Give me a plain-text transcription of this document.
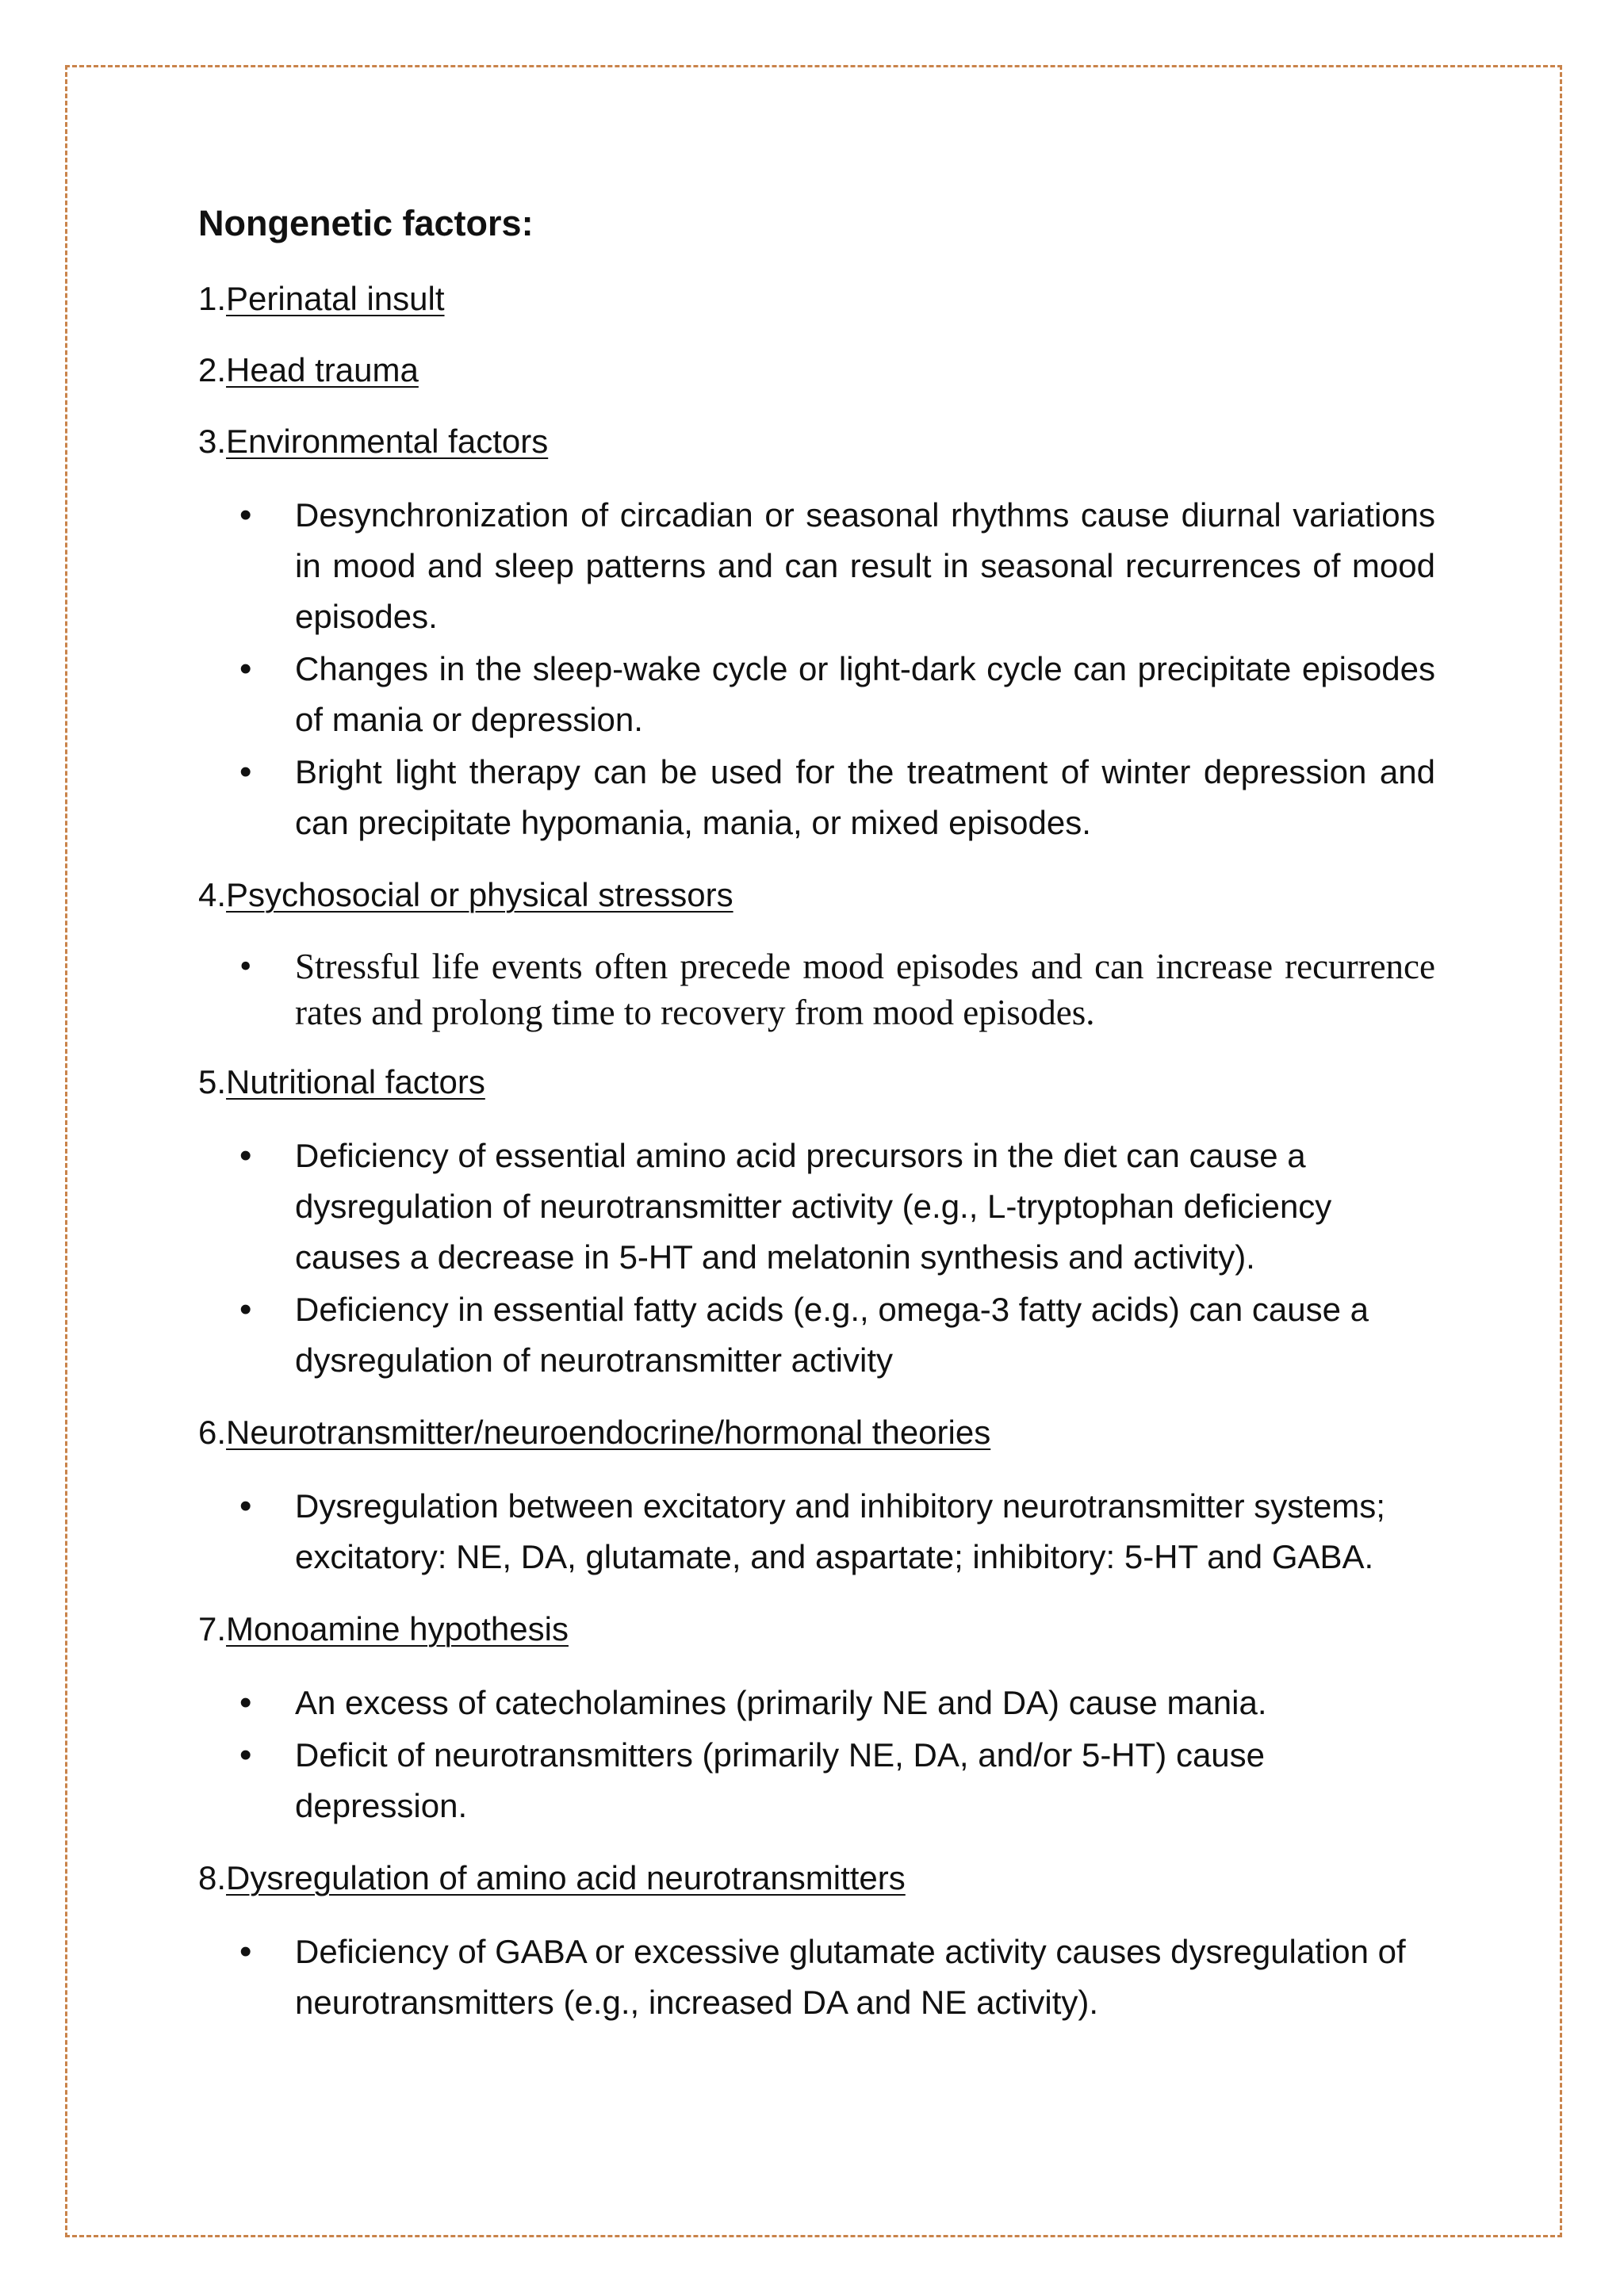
Nongenetic factors:
1.Perinatal insult
2.Head trauma
3.Environmental factors
• Desynchronization of circadian or seasonal rhythms cause diurnal variations in mood and sleep patterns and can result in seasonal recurrences of mood episodes.
• Changes in the sleep-wake cycle or light-dark cycle can precipitate episodes of mania or depression.
• Bright light therapy can be used for the treatment of winter depression and can precipitate hypomania, mania, or mixed episodes.
4.Psychosocial or physical stressors
• Stressful life events often precede mood episodes and can increase recurrence rates and prolong time to recovery from mood episodes.
5.Nutritional factors
• Deficiency of essential amino acid precursors in the diet can cause a dysregulation of neurotransmitter activity (e.g., L-tryptophan deficiency causes a decrease in 5-HT and melatonin synthesis and activity).
• Deficiency in essential fatty acids (e.g., omega-3 fatty acids) can cause a dysregulation of neurotransmitter activity
6.Neurotransmitter/neuroendocrine/hormonal theories
• Dysregulation between excitatory and inhibitory neurotransmitter systems; excitatory: NE, DA, glutamate, and aspartate; inhibitory: 5-HT and GABA.
7.Monoamine hypothesis
• An excess of catecholamines (primarily NE and DA) cause mania.
• Deficit of neurotransmitters (primarily NE, DA, and/or 5-HT) cause depression.
8.Dysregulation of amino acid neurotransmitters
• Deficiency of GABA or excessive glutamate activity causes dysregulation of neurotransmitters (e.g., increased DA and NE activity).
